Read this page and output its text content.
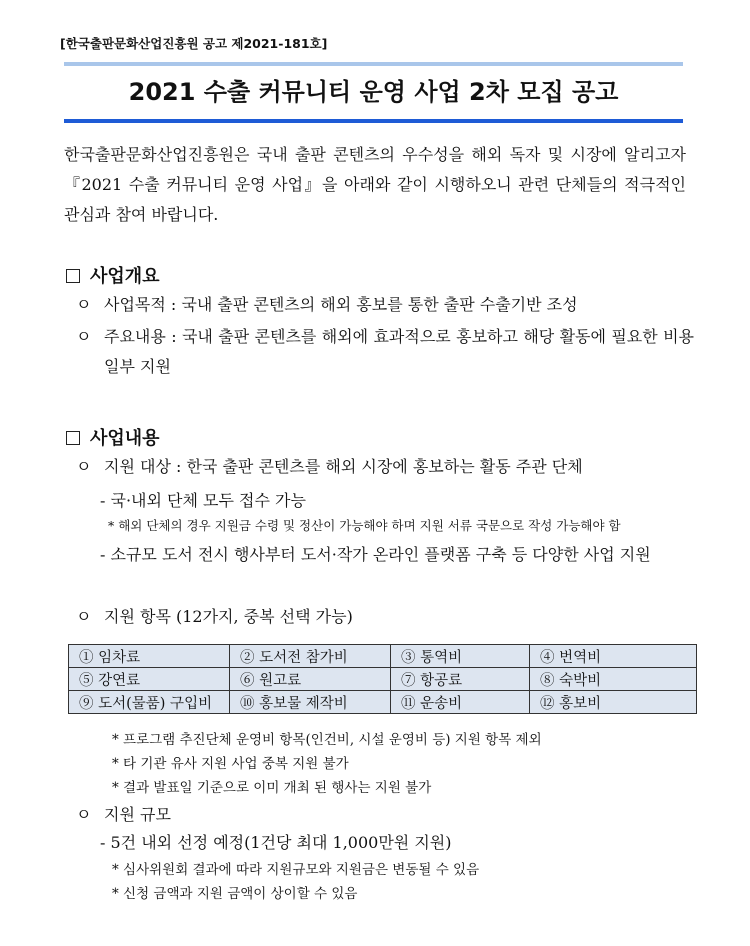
[한국출판문화산업진흥원 공고 제2021-181호]
2021 수출 커뮤니티 운영 사업 2차 모집 공고
한국출판문화산업진흥원은 국내 출판 콘텐츠의 우수성을 해외 독자 및 시장에 알리고자 『2021 수출 커뮤니티 운영 사업』을 아래와 같이 시행하오니 관련 단체들의 적극적인 관심과 참여 바랍니다.
사업개요
ㅇ 사업목적 : 국내 출판 콘텐츠의 해외 홍보를 통한 출판 수출기반 조성
ㅇ 주요내용 : 국내 출판 콘텐츠를 해외에 효과적으로 홍보하고 해당 활동에 필요한 비용 일부 지원
사업내용
ㅇ 지원 대상 : 한국 출판 콘텐츠를 해외 시장에 홍보하는 활동 주관 단체
- 국·내외 단체 모두 접수 가능
* 해외 단체의 경우 지원금 수령 및 정산이 가능해야 하며 지원 서류 국문으로 작성 가능해야 함
- 소규모 도서 전시 행사부터 도서·작가 온라인 플랫폼 구축 등 다양한 사업 지원
ㅇ 지원 항목 (12가지, 중복 선택 가능)
① 임차료	② 도서전 참가비	③ 통역비	④ 번역비
⑤ 강연료	⑥ 원고료	⑦ 항공료	⑧ 숙박비
⑨ 도서(물품) 구입비	⑩ 홍보물 제작비	⑪ 운송비	⑫ 홍보비
* 프로그램 추진단체 운영비 항목(인건비, 시설 운영비 등) 지원 항목 제외
* 타 기관 유사 지원 사업 중복 지원 불가
* 결과 발표일 기준으로 이미 개최 된 행사는 지원 불가
ㅇ 지원 규모
- 5건 내외 선정 예정(1건당 최대 1,000만원 지원)
* 심사위원회 결과에 따라 지원규모와 지원금은 변동될 수 있음
* 신청 금액과 지원 금액이 상이할 수 있음
